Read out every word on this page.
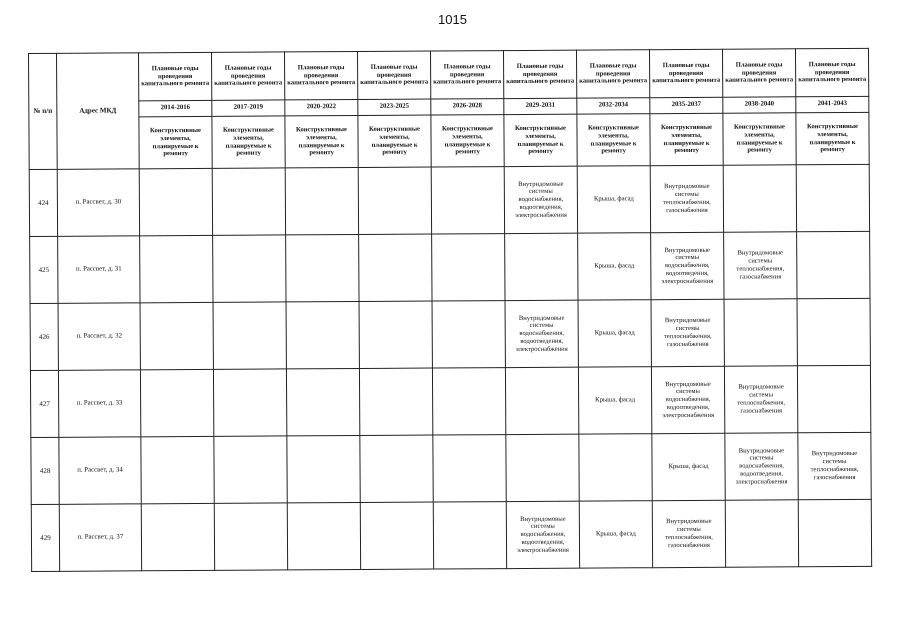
1015
№ п/п	Адрес МКД	Плановые годы проведения капитального ремонта	Плановые годы проведения капитального ремонта	Плановые годы проведения капитального ремонта	Плановые годы проведения капитального ремонта	Плановые годы проведения капитального ремонта	Плановые годы проведения капитального ремонта	Плановые годы проведения капитального ремонта	Плановые годы проведения капитального ремонта	Плановые годы проведения капитального ремонта	Плановые годы проведения капитального ремонта
		2014-2016	2017-2019	2020-2022	2023-2025	2026-2028	2029-2031	2032-2034	2035-2037	2038-2040	2041-2043
		Конструктивные элементы, планируемые к ремонту	Конструктивные элементы, планируемые к ремонту	Конструктивные элементы, планируемые к ремонту	Конструктивные элементы, планируемые к ремонту	Конструктивные элементы, планируемые к ремонту	Конструктивные элементы, планируемые к ремонту	Конструктивные элементы, планируемые к ремонту	Конструктивные элементы, планируемые к ремонту	Конструктивные элементы, планируемые к ремонту	Конструктивные элементы, планируемые к ремонту
424	п. Рассвет, д. 30						Внутридомовые системы водоснабжения, водоотведения, электроснабжения	Крыша, фасад	Внутридомовые системы теплоснабжения, газоснабжения		
425	п. Рассвет, д. 31							Крыша, фасад	Внутридомовые системы водоснабжения, водоотведения, электроснабжения	Внутридомовые системы теплоснабжения, газоснабжения	
426	п. Рассвет, д. 32						Внутридомовые системы водоснабжения, водоотведения, электроснабжения	Крыша, фасад	Внутридомовые системы теплоснабжения, газоснабжения		
427	п. Рассвет, д. 33							Крыша, фасад	Внутридомовые системы водоснабжения, водоотведения, электроснабжения	Внутридомовые системы теплоснабжения, газоснабжения	
428	п. Рассвет, д. 34								Крыша, фасад	Внутридомовые системы водоснабжения, водоотведения, электроснабжения	Внутридомовые системы теплоснабжения, газоснабжения
429	п. Рассвет, д. 37						Внутридомовые системы водоснабжения, водоотведения, электроснабжения	Крыша, фасад	Внутридомовые системы теплоснабжения, газоснабжения		
